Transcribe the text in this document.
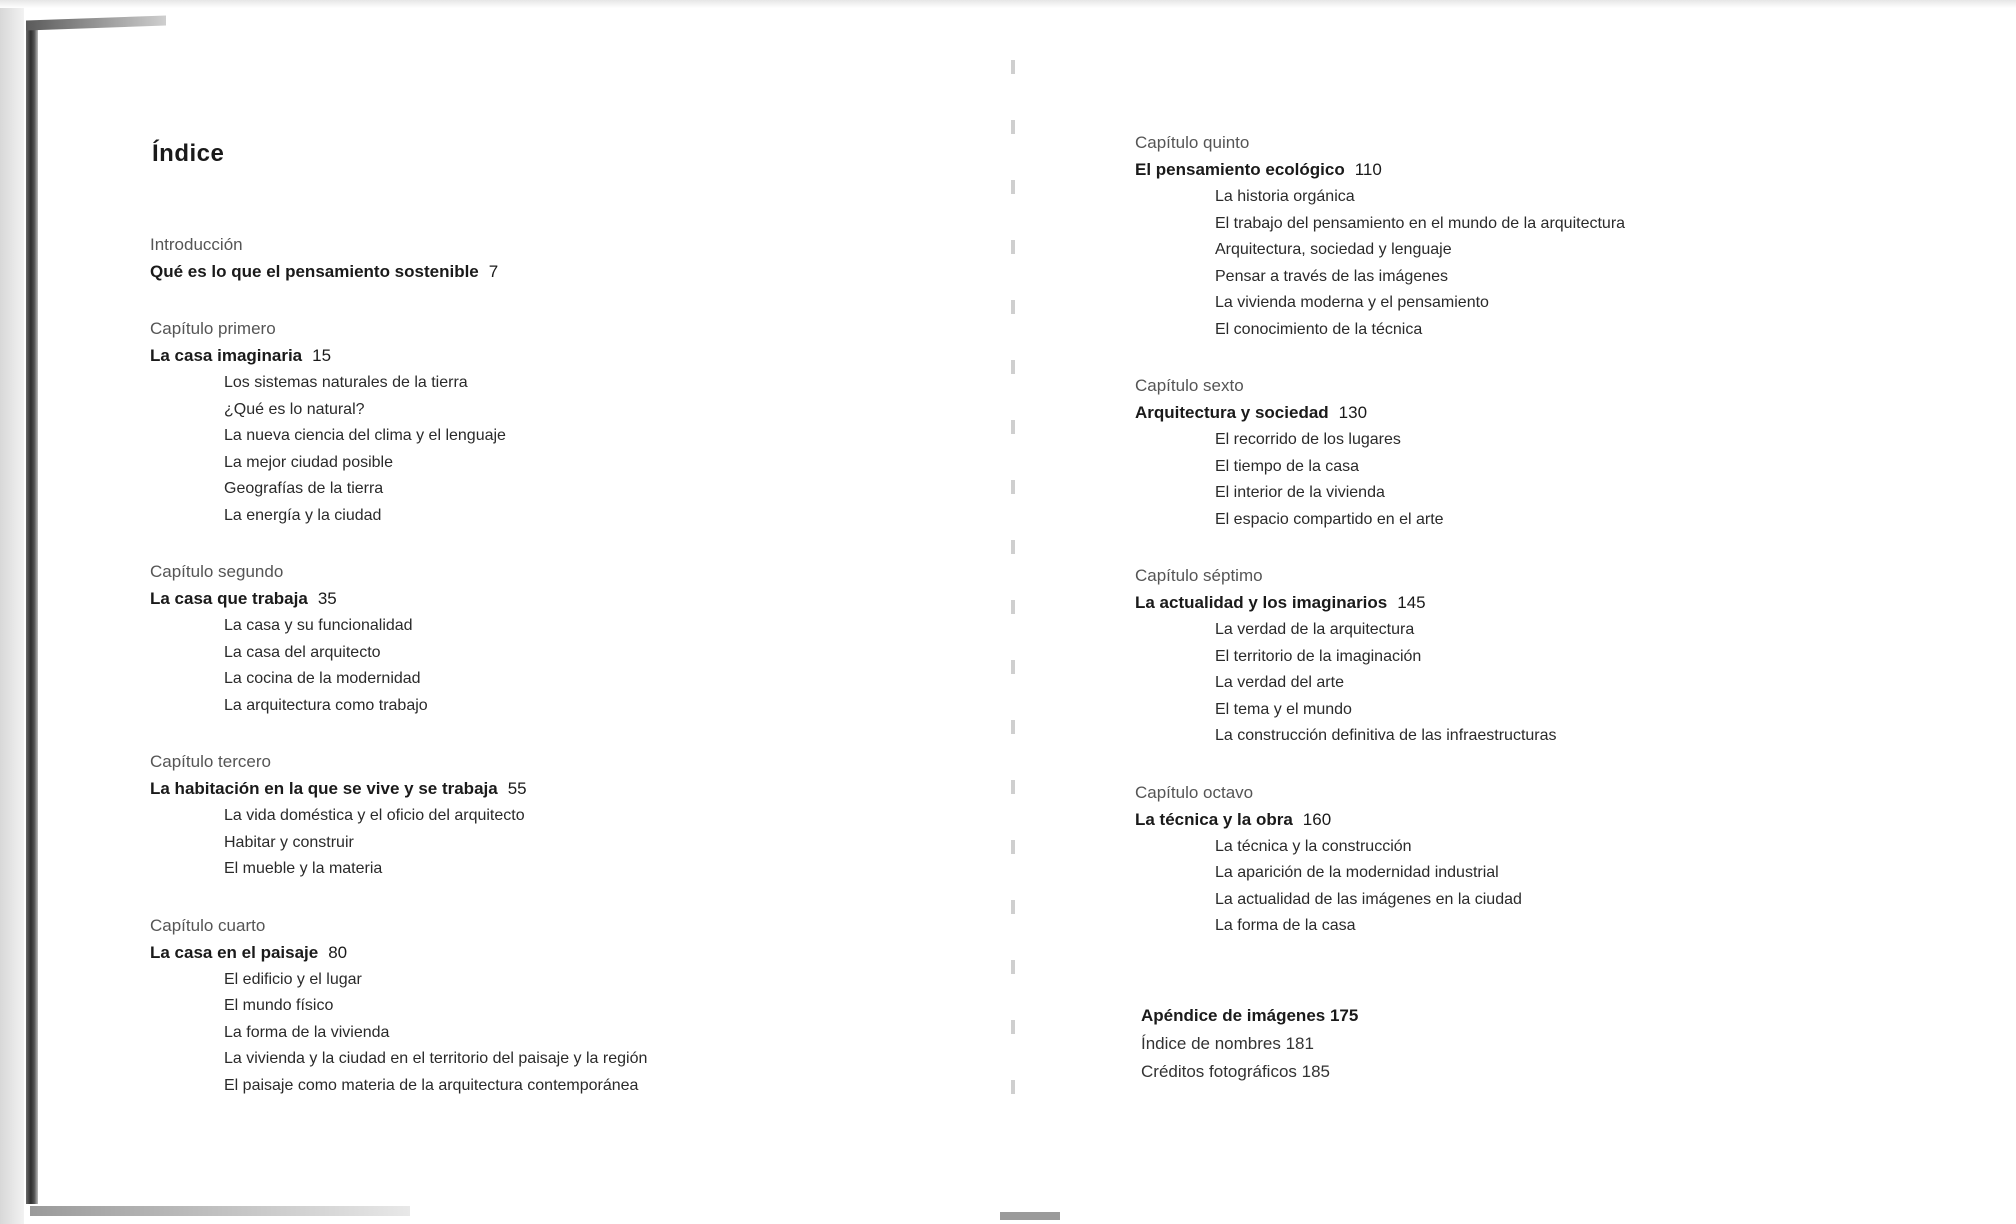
Índice
Introducción
Qué es lo que el pensamiento sostenible 7
Capítulo primero
La casa imaginaria 15
Los sistemas naturales de la tierra
¿Qué es lo natural?
La nueva ciencia del clima y el lenguaje
La mejor ciudad posible
Geografías de la tierra
La energía y la ciudad
Capítulo segundo
La casa que trabaja 35
La casa y su funcionalidad
La casa del arquitecto
La cocina de la modernidad
La arquitectura como trabajo
Capítulo tercero
La habitación en la que se vive y se trabaja 55
La vida doméstica y el oficio del arquitecto
Habitar y construir
El mueble y la materia
Capítulo cuarto
La casa en el paisaje 80
El edificio y el lugar
El mundo físico
La forma de la vivienda
La vivienda y la ciudad en el territorio del paisaje y la región
El paisaje como materia de la arquitectura contemporánea
Capítulo quinto
El pensamiento ecológico 110
La historia orgánica
El trabajo del pensamiento en el mundo de la arquitectura
Arquitectura, sociedad y lenguaje
Pensar a través de las imágenes
La vivienda moderna y el pensamiento
El conocimiento de la técnica
Capítulo sexto
Arquitectura y sociedad 130
El recorrido de los lugares
El tiempo de la casa
El interior de la vivienda
El espacio compartido en el arte
Capítulo séptimo
La actualidad y los imaginarios 145
La verdad de la arquitectura
El territorio de la imaginación
La verdad del arte
El tema y el mundo
La construcción definitiva de las infraestructuras
Capítulo octavo
La técnica y la obra 160
La técnica y la construcción
La aparición de la modernidad industrial
La actualidad de las imágenes en la ciudad
La forma de la casa
Apéndice de imágenes 175
Índice de nombres 181
Créditos fotográficos 185
